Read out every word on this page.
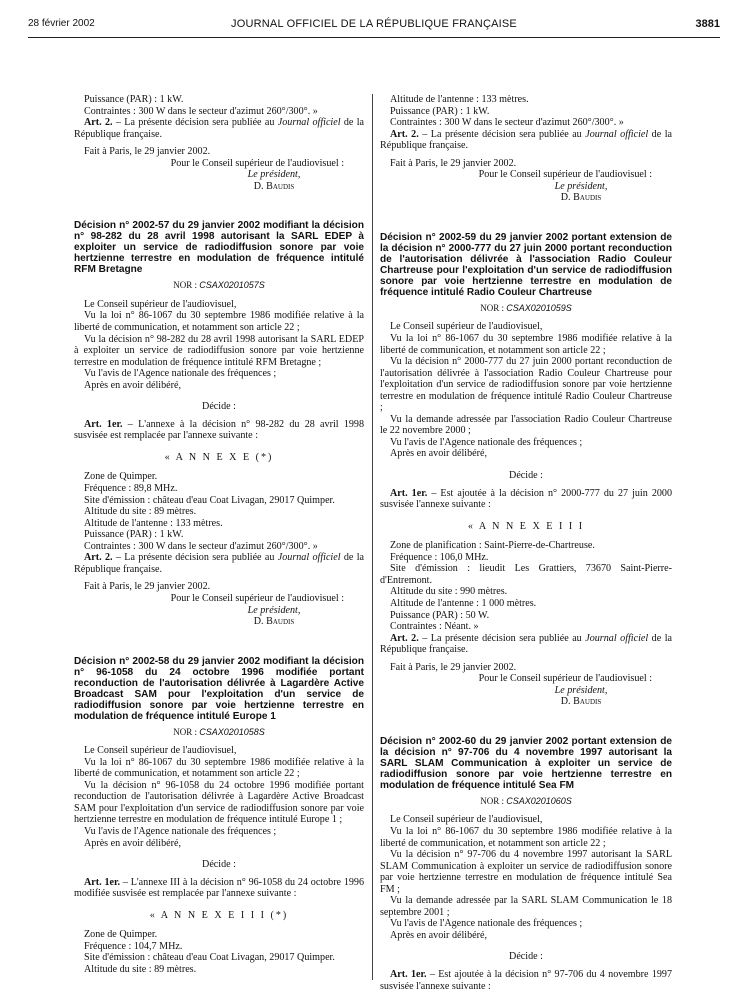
28 février 2002	JOURNAL OFFICIEL DE LA RÉPUBLIQUE FRANÇAISE	3881

Puissance (PAR) : 1 kW.

Contraintes : 300 W dans le secteur d'azimut 260°/300°. »

Art. 2. – La présente décision sera publiée au Journal officiel de la République française.

Fait à Paris, le 29 janvier 2002.

Pour le Conseil supérieur de l'audiovisuel :

Le président,

D. Baudis

Décision n° 2002-57 du 29 janvier 2002 modifiant la décision n° 98-282 du 28 avril 1998 autorisant la SARL EDEP à exploiter un service de radiodiffusion sonore par voie hertzienne terrestre en modulation de fréquence intitulé RFM Bretagne

NOR : CSAX0201057S

Le Conseil supérieur de l'audiovisuel,

Vu la loi n° 86-1067 du 30 septembre 1986 modifiée relative à la liberté de communication, et notamment son article 22 ;

Vu la décision n° 98-282 du 28 avril 1998 autorisant la SARL EDEP à exploiter un service de radiodiffusion sonore par voie hertzienne terrestre en modulation de fréquence intitulé RFM Bretagne ;

Vu l'avis de l'Agence nationale des fréquences ;

Après en avoir délibéré,

Décide :

Art. 1er. – L'annexe à la décision n° 98-282 du 28 avril 1998 susvisée est remplacée par l'annexe suivante :

« A N N E X E (*)

Zone de Quimper.

Fréquence : 89,8 MHz.

Site d'émission : château d'eau Coat Livagan, 29017 Quimper.

Altitude du site : 89 mètres.

Altitude de l'antenne : 133 mètres.

Puissance (PAR) : 1 kW.

Contraintes : 300 W dans le secteur d'azimut 260°/300°. »

Art. 2. – La présente décision sera publiée au Journal officiel de la République française.

Fait à Paris, le 29 janvier 2002.

Pour le Conseil supérieur de l'audiovisuel :

Le président,

D. Baudis

Décision n° 2002-58 du 29 janvier 2002 modifiant la décision n° 96-1058 du 24 octobre 1996 modifiée portant reconduction de l'autorisation délivrée à Lagardère Active Broadcast SAM pour l'exploitation d'un service de radiodiffusion sonore par voie hertzienne terrestre en modulation de fréquence intitulé Europe 1

NOR : CSAX0201058S

Le Conseil supérieur de l'audiovisuel,

Vu la loi n° 86-1067 du 30 septembre 1986 modifiée relative à la liberté de communication, et notamment son article 22 ;

Vu la décision n° 96-1058 du 24 octobre 1996 modifiée portant reconduction de l'autorisation délivrée à Lagardère Active Broadcast SAM pour l'exploitation d'un service de radiodiffusion sonore par voie hertzienne terrestre en modulation de fréquence intitulé Europe 1 ;

Vu l'avis de l'Agence nationale des fréquences ;

Après en avoir délibéré,

Décide :

Art. 1er. – L'annexe III à la décision n° 96-1058 du 24 octobre 1996 modifiée susvisée est remplacée par l'annexe suivante :

« A N N E X E I I I (*)

Zone de Quimper.

Fréquence : 104,7 MHz.

Site d'émission : château d'eau Coat Livagan, 29017 Quimper.

Altitude du site : 89 mètres.

Altitude de l'antenne : 133 mètres.

Puissance (PAR) : 1 kW.

Contraintes : 300 W dans le secteur d'azimut 260°/300°. »

Art. 2. – La présente décision sera publiée au Journal officiel de la République française.

Fait à Paris, le 29 janvier 2002.

Pour le Conseil supérieur de l'audiovisuel :

Le président,

D. Baudis

Décision n° 2002-59 du 29 janvier 2002 portant extension de la décision n° 2000-777 du 27 juin 2000 portant reconduction de l'autorisation délivrée à l'association Radio Couleur Chartreuse pour l'exploitation d'un service de radiodiffusion sonore par voie hertzienne terrestre en modulation de fréquence intitulé Radio Couleur Chartreuse

NOR : CSAX0201059S

Le Conseil supérieur de l'audiovisuel,

Vu la loi n° 86-1067 du 30 septembre 1986 modifiée relative à la liberté de communication, et notamment son article 22 ;

Vu la décision n° 2000-777 du 27 juin 2000 portant reconduction de l'autorisation délivrée à l'association Radio Couleur Chartreuse pour l'exploitation d'un service de radiodiffusion sonore par voie hertzienne terrestre en modulation de fréquence intitulé Radio Couleur Chartreuse ;

Vu la demande adressée par l'association Radio Couleur Chartreuse le 22 novembre 2000 ;

Vu l'avis de l'Agence nationale des fréquences ;

Après en avoir délibéré,

Décide :

Art. 1er. – Est ajoutée à la décision n° 2000-777 du 27 juin 2000 susvisée l'annexe suivante :

« A N N E X E I I I

Zone de planification : Saint-Pierre-de-Chartreuse.

Fréquence : 106,0 MHz.

Site d'émission : lieudit Les Grattiers, 73670 Saint-Pierre-d'Entremont.

Altitude du site : 990 mètres.

Altitude de l'antenne : 1 000 mètres.

Puissance (PAR) : 50 W.

Contraintes : Néant. »

Art. 2. – La présente décision sera publiée au Journal officiel de la République française.

Fait à Paris, le 29 janvier 2002.

Pour le Conseil supérieur de l'audiovisuel :

Le président,

D. Baudis

Décision n° 2002-60 du 29 janvier 2002 portant extension de la décision n° 97-706 du 4 novembre 1997 autorisant la SARL SLAM Communication à exploiter un service de radiodiffusion sonore par voie hertzienne terrestre en modulation de fréquence intitulé Sea FM

NOR : CSAX0201060S

Le Conseil supérieur de l'audiovisuel,

Vu la loi n° 86-1067 du 30 septembre 1986 modifiée relative à la liberté de communication, et notamment son article 22 ;

Vu la décision n° 97-706 du 4 novembre 1997 autorisant la SARL SLAM Communication à exploiter un service de radiodiffusion sonore par voie hertzienne terrestre en modulation de fréquence intitulé Sea FM ;

Vu la demande adressée par la SARL SLAM Communication le 18 septembre 2001 ;

Vu l'avis de l'Agence nationale des fréquences ;

Après en avoir délibéré,

Décide :

Art. 1er. – Est ajoutée à la décision n° 97-706 du 4 novembre 1997 susvisée l'annexe suivante :
